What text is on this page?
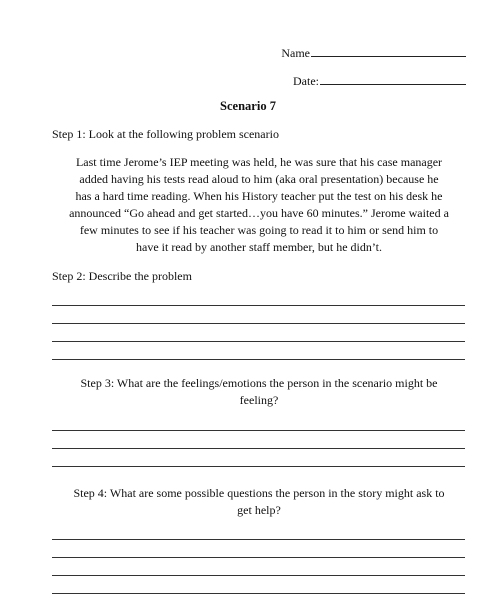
Name
Date:
Scenario 7
Step 1: Look at the following problem scenario
Last time Jerome’s IEP meeting was held, he was sure that his case manager
added having his tests read aloud to him (aka oral presentation) because he
has a hard time reading. When his History teacher put the test on his desk he
announced “Go ahead and get started…you have 60 minutes.” Jerome waited a
few minutes to see if his teacher was going to read it to him or send him to
have it read by another staff member, but he didn’t.
Step 2: Describe the problem
Step 3: What are the feelings/emotions the person in the scenario might be
feeling?
Step 4: What are some possible questions the person in the story might ask to
get help?
